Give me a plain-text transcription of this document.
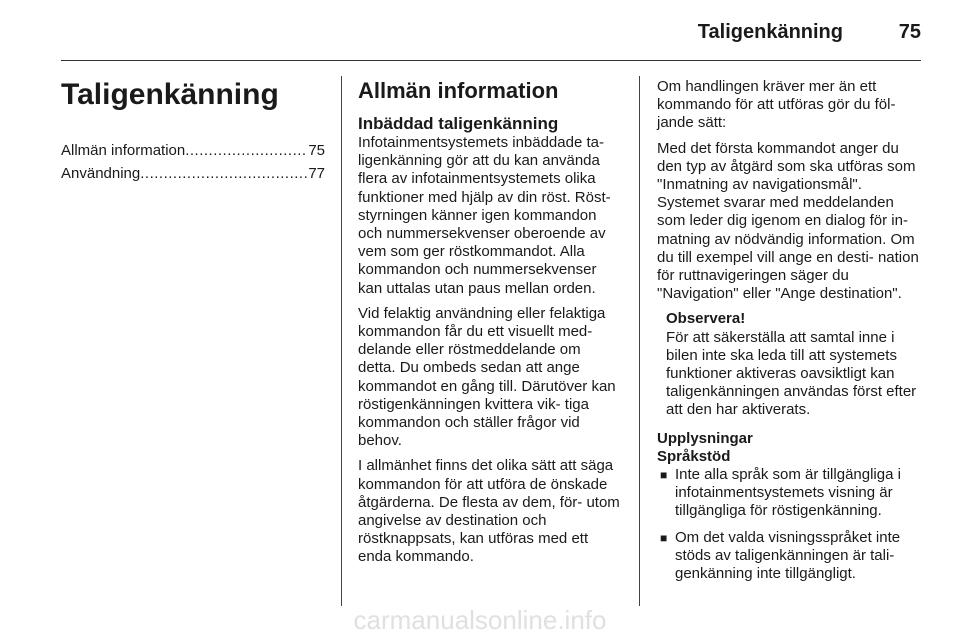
Taligenkänning	75
Taligenkänning
Allmän information .....	75
Användning .....	77
Allmän information
Inbäddad taligenkänning

Infotainmentsystemets inbäddade ta- ligenkänning gör att du kan använda flera av infotainmentsystemets olika funktioner med hjälp av din röst. Röst- styrningen känner igen kommandon och nummersekvenser oberoende av vem som ger röstkommandot. Alla kommandon och nummersekvenser kan uttalas utan paus mellan orden.

Vid felaktig användning eller felaktiga kommandon får du ett visuellt med- delande eller röstmeddelande om detta. Du ombeds sedan att ange kommandot en gång till. Därutöver kan röstigenkänningen kvittera vik- tiga kommandon och ställer frågor vid behov.

I allmänhet finns det olika sätt att säga kommandon för att utföra de önskade åtgärderna. De flesta av dem, för- utom angivelse av destination och röstknappsats, kan utföras med ett enda kommando.

Om handlingen kräver mer än ett kommando för att utföras gör du föl- jande sätt:

Med det första kommandot anger du den typ av åtgärd som ska utföras som "Inmatning av navigationsmål". Systemet svarar med meddelanden som leder dig igenom en dialog för in- matning av nödvändig information. Om du till exempel vill ange en desti- nation för ruttnavigeringen säger du "Navigation" eller "Ange destination".

Observera!
För att säkerställa att samtal inne i bilen inte ska leda till att systemets funktioner aktiveras oavsiktligt kan taligenkänningen användas först efter att den har aktiverats.
Upplysningar
Språkstöd
■ Inte alla språk som är tillgängliga i infotainmentsystemets visning är tillgängliga för röstigenkänning.
■ Om det valda visningsspråket inte stöds av taligenkänningen är tali- genkänning inte tillgängligt.
carmanualsonline.info
